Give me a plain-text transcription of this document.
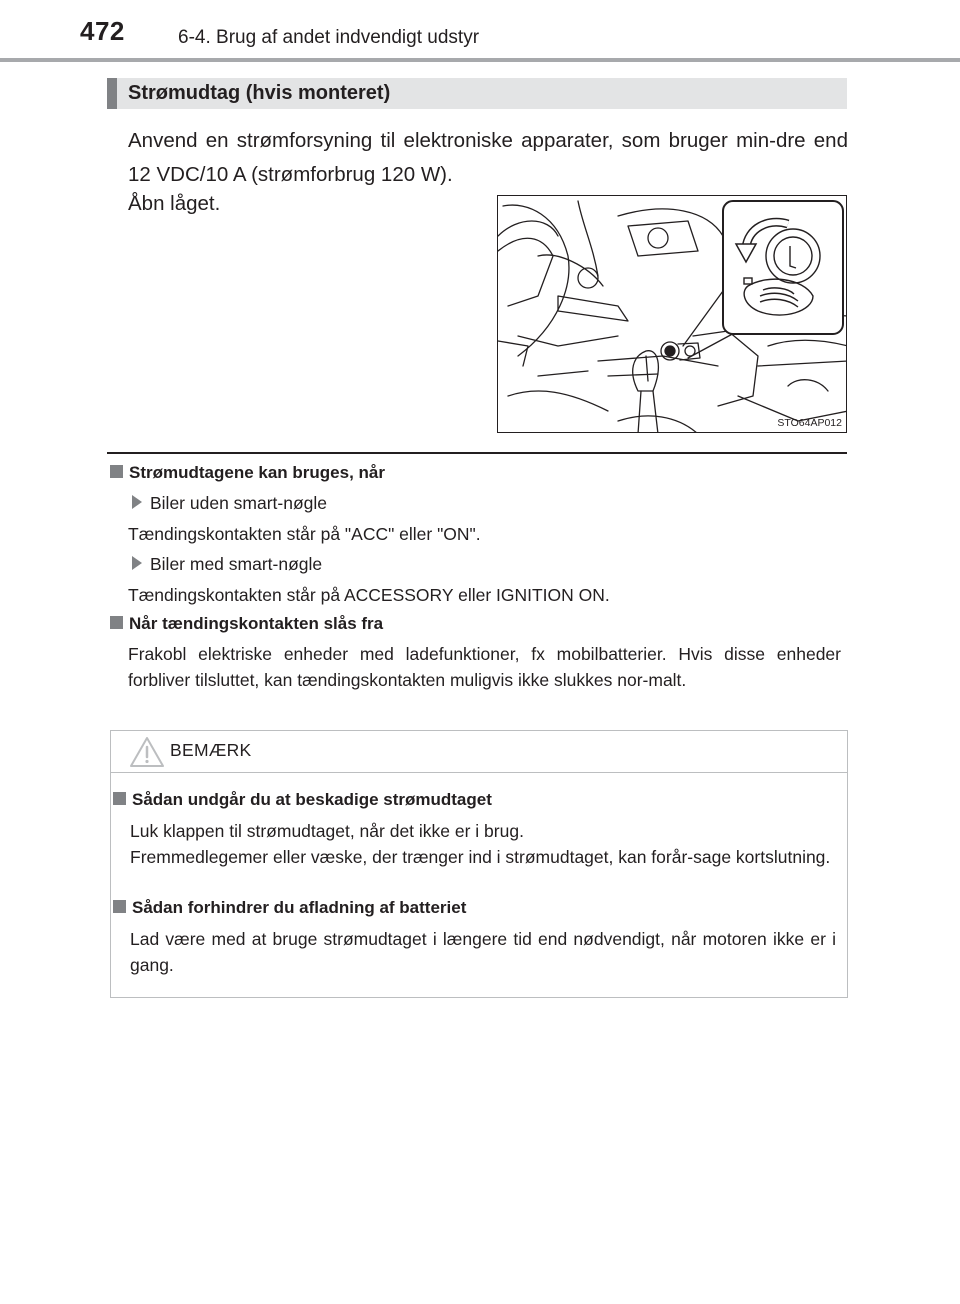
472	6-4. Brug af andet indvendigt udstyr
Strømudtag (hvis monteret)
Anvend en strømforsyning til elektroniske apparater, som bruger min-dre end 12 VDC/10 A (strømforbrug 120 W).
Åbn låget.
STO64AP012
Strømudtagene kan bruges, når
Biler uden smart-nøgle
Tændingskontakten står på "ACC" eller "ON".
Biler med smart-nøgle
Tændingskontakten står på ACCESSORY eller IGNITION ON.
Når tændingskontakten slås fra
Frakobl elektriske enheder med ladefunktioner, fx mobilbatterier. Hvis disse enheder forbliver tilsluttet, kan tændingskontakten muligvis ikke slukkes nor-malt.
BEMÆRK
Sådan undgår du at beskadige strømudtaget
Luk klappen til strømudtaget, når det ikke er i brug.
Fremmedlegemer eller væske, der trænger ind i strømudtaget, kan forår-sage kortslutning.
Sådan forhindrer du afladning af batteriet
Lad være med at bruge strømudtaget i længere tid end nødvendigt, når motoren ikke er i gang.
